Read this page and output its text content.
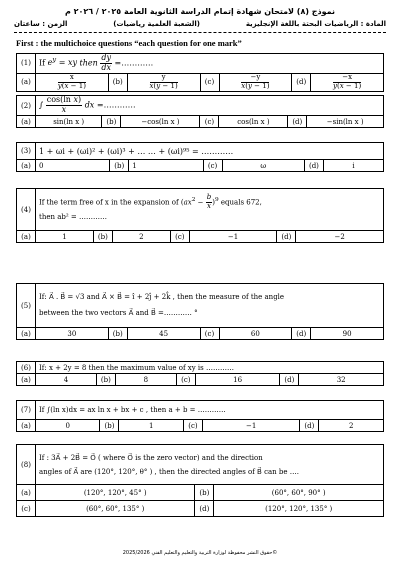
نموذج (٨) لامتحان شهادة إتمام الدراسة الثانوية العامة ٢٠٢٥ / ٢٠٢٦ م
المادة : الرياضيات البحتة باللغة الإنجليزية
(الشعبة العلمية رياضيات)
الزمن : ساعتان
First : the multichoice questions “each question for one mark”
(1)	If $e^y$ = xy then $\frac{dy}{dx}$ =…………						
(a)	$\frac{x}{y(x - 1)}$	(b)	$\frac{y}{x(y - 1)}$	(c)	$\frac{-y}{x(y - 1)}$	(d)	$\frac{-x}{y(x - 1)}$
(2)	∫ $\frac{\text{cos(ln x)}}{x}$ dx =…………						
(a)	sin(ln x )	(b)	−cos(ln x )	(c)	cos(ln x )	(d)	−sin(ln x )
(3)	1 + ωi + (ωi)² + (ωi)³ + … … + (ωi)⁹⁵ = …………						
(a)	0	(b)	1	(c)	ω	(d)	i
(4)	If the term free of x in the expansion of $(ax^2 - \frac{b}{x} )^9$ equals 672,
then ab² = …………						
(a)	1	(b)	2	(c)	−1	(d)	−2
(5)	If: A⃗ . B⃗ = √3 and A⃗ × B⃗ = î + 2ĵ + 2k̂ , then the measure of the angle
between the two vectors A⃗ and B⃗ =………… °						
(a)	30	(b)	45	(c)	60	(d)	90
(6)	If: x + 2y = 8 then the maximum value of xy is …………						
(a)	4	(b)	8	(c)	16	(d)	32
(7)	If ∫(ln x)dx = ax ln x + bx + c , then a + b = …………						
(a)	0	(b)	1	(c)	−1	(d)	2
(8)	If : 3A⃗ + 2B⃗ = O⃗ ( where O⃗ is the zero vector) and the direction
angles of A⃗ are (120°, 120°, θ° ) , then the directed angles of B⃗ can be ….		
(a)	(120°, 120°, 45° )	(b)	(60°, 60°, 90° )
(c)	(60°, 60°, 135° )	(d)	(120°, 120°, 135° )
حقوق النشر محفوظة لوزارة التربية والتعليم والتعليم الفني 2025/2026©
